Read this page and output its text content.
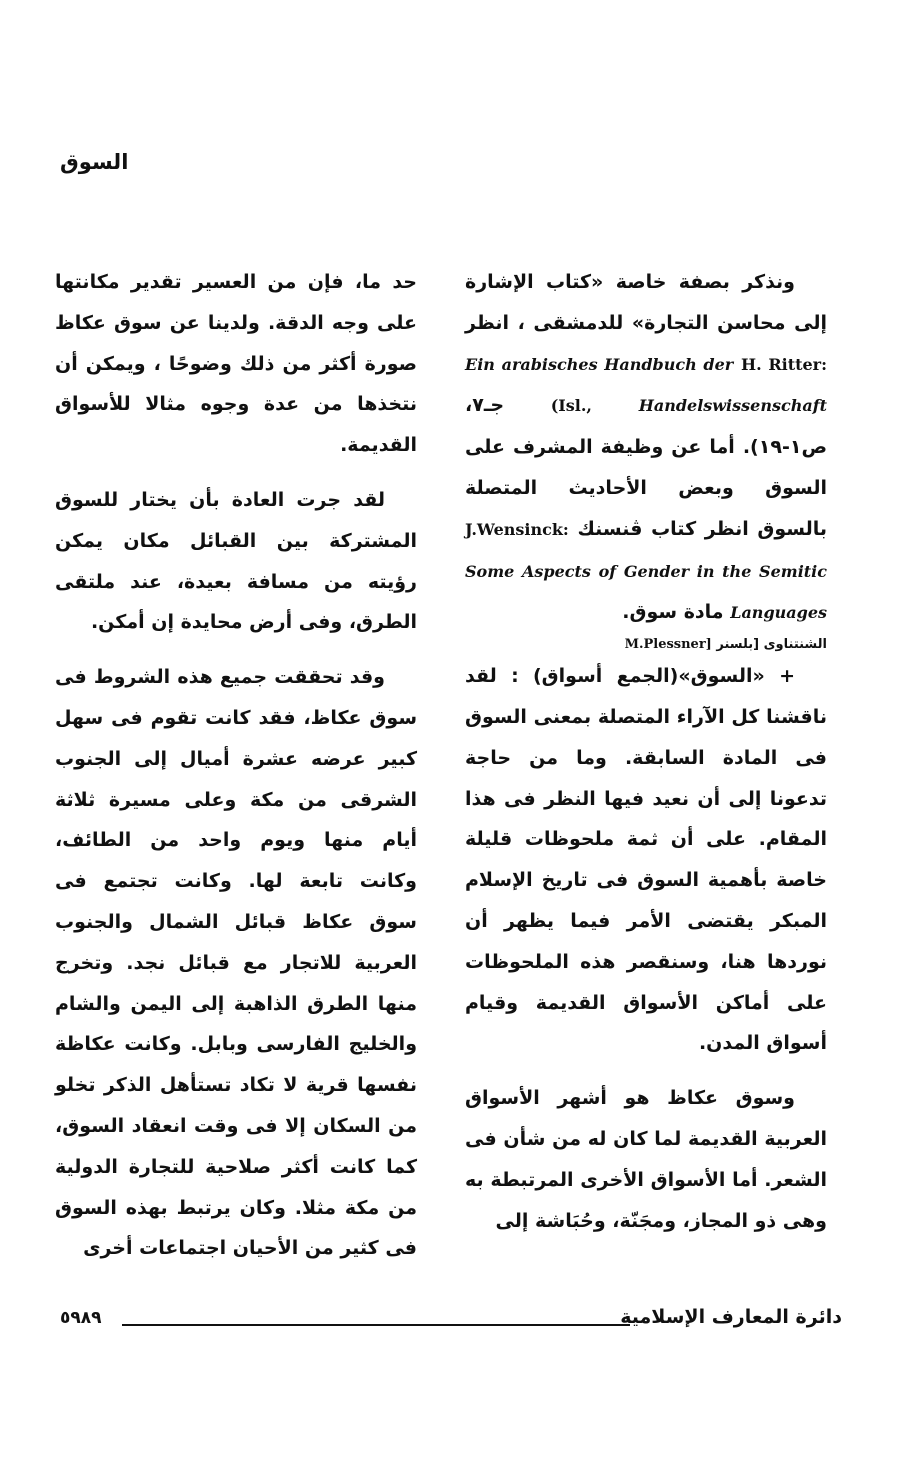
السوق

ونذكر بصفة خاصة «كتاب الإشارة إلى محاسن التجارة» للدمشقى ، انظر H. Ritter: Ein arabisches Handbuch der Handelswissenschaft (Isl., جـ٧، ص١-١٩). أما عن وظيفة المشرف على السوق وبعض الأحاديث المتصلة بالسوق انظر كتاب ڤنسنك J.Wensinck: Some Aspects of Gender in the Semitic Languages مادة سوق.

الشنتناوى [بلسنر M.Plessner]

+ «السوق»(الجمع أسواق) : لقد ناقشنا كل الآراء المتصلة بمعنى السوق فى المادة السابقة. وما من حاجة تدعونا إلى أن نعيد فيها النظر فى هذا المقام. على أن ثمة ملحوظات قليلة خاصة بأهمية السوق فى تاريخ الإسلام المبكر يقتضى الأمر فيما يظهر أن نوردها هنا، وسنقصر هذه الملحوظات على أماكن الأسواق القديمة وقيام أسواق المدن.

وسوق عكاظ هو أشهر الأسواق العربية القديمة لما كان له من شأن فى الشعر. أما الأسواق الأخرى المرتبطة به وهى ذو المجاز، ومجَنّة، وحُبَاشة إلى

حد ما، فإن من العسير تقدير مكانتها على وجه الدقة. ولدينا عن سوق عكاظ صورة أكثر من ذلك وضوحًا ، ويمكن أن نتخذها من عدة وجوه مثالا للأسواق القديمة.

لقد جرت العادة بأن يختار للسوق المشتركة بين القبائل مكان يمكن رؤيته من مسافة بعيدة، عند ملتقى الطرق، وفى أرض محايدة إن أمكن.

وقد تحققت جميع هذه الشروط فى سوق عكاظ، فقد كانت تقوم فى سهل كبير عرضه عشرة أميال إلى الجنوب الشرقى من مكة وعلى مسيرة ثلاثة أيام منها ويوم واحد من الطائف، وكانت تابعة لها. وكانت تجتمع فى سوق عكاظ قبائل الشمال والجنوب العربية للاتجار مع قبائل نجد. وتخرج منها الطرق الذاهبة إلى اليمن والشام والخليج الفارسى وبابل. وكانت عكاظة نفسها قرية لا تكاد تستأهل الذكر تخلو من السكان إلا فى وقت انعقاد السوق، كما كانت أكثر صلاحية للتجارة الدولية من مكة مثلا. وكان يرتبط بهذه السوق فى كثير من الأحيان اجتماعات أخرى

دائرة المعارف الإسلامية
٥٩٨٩
